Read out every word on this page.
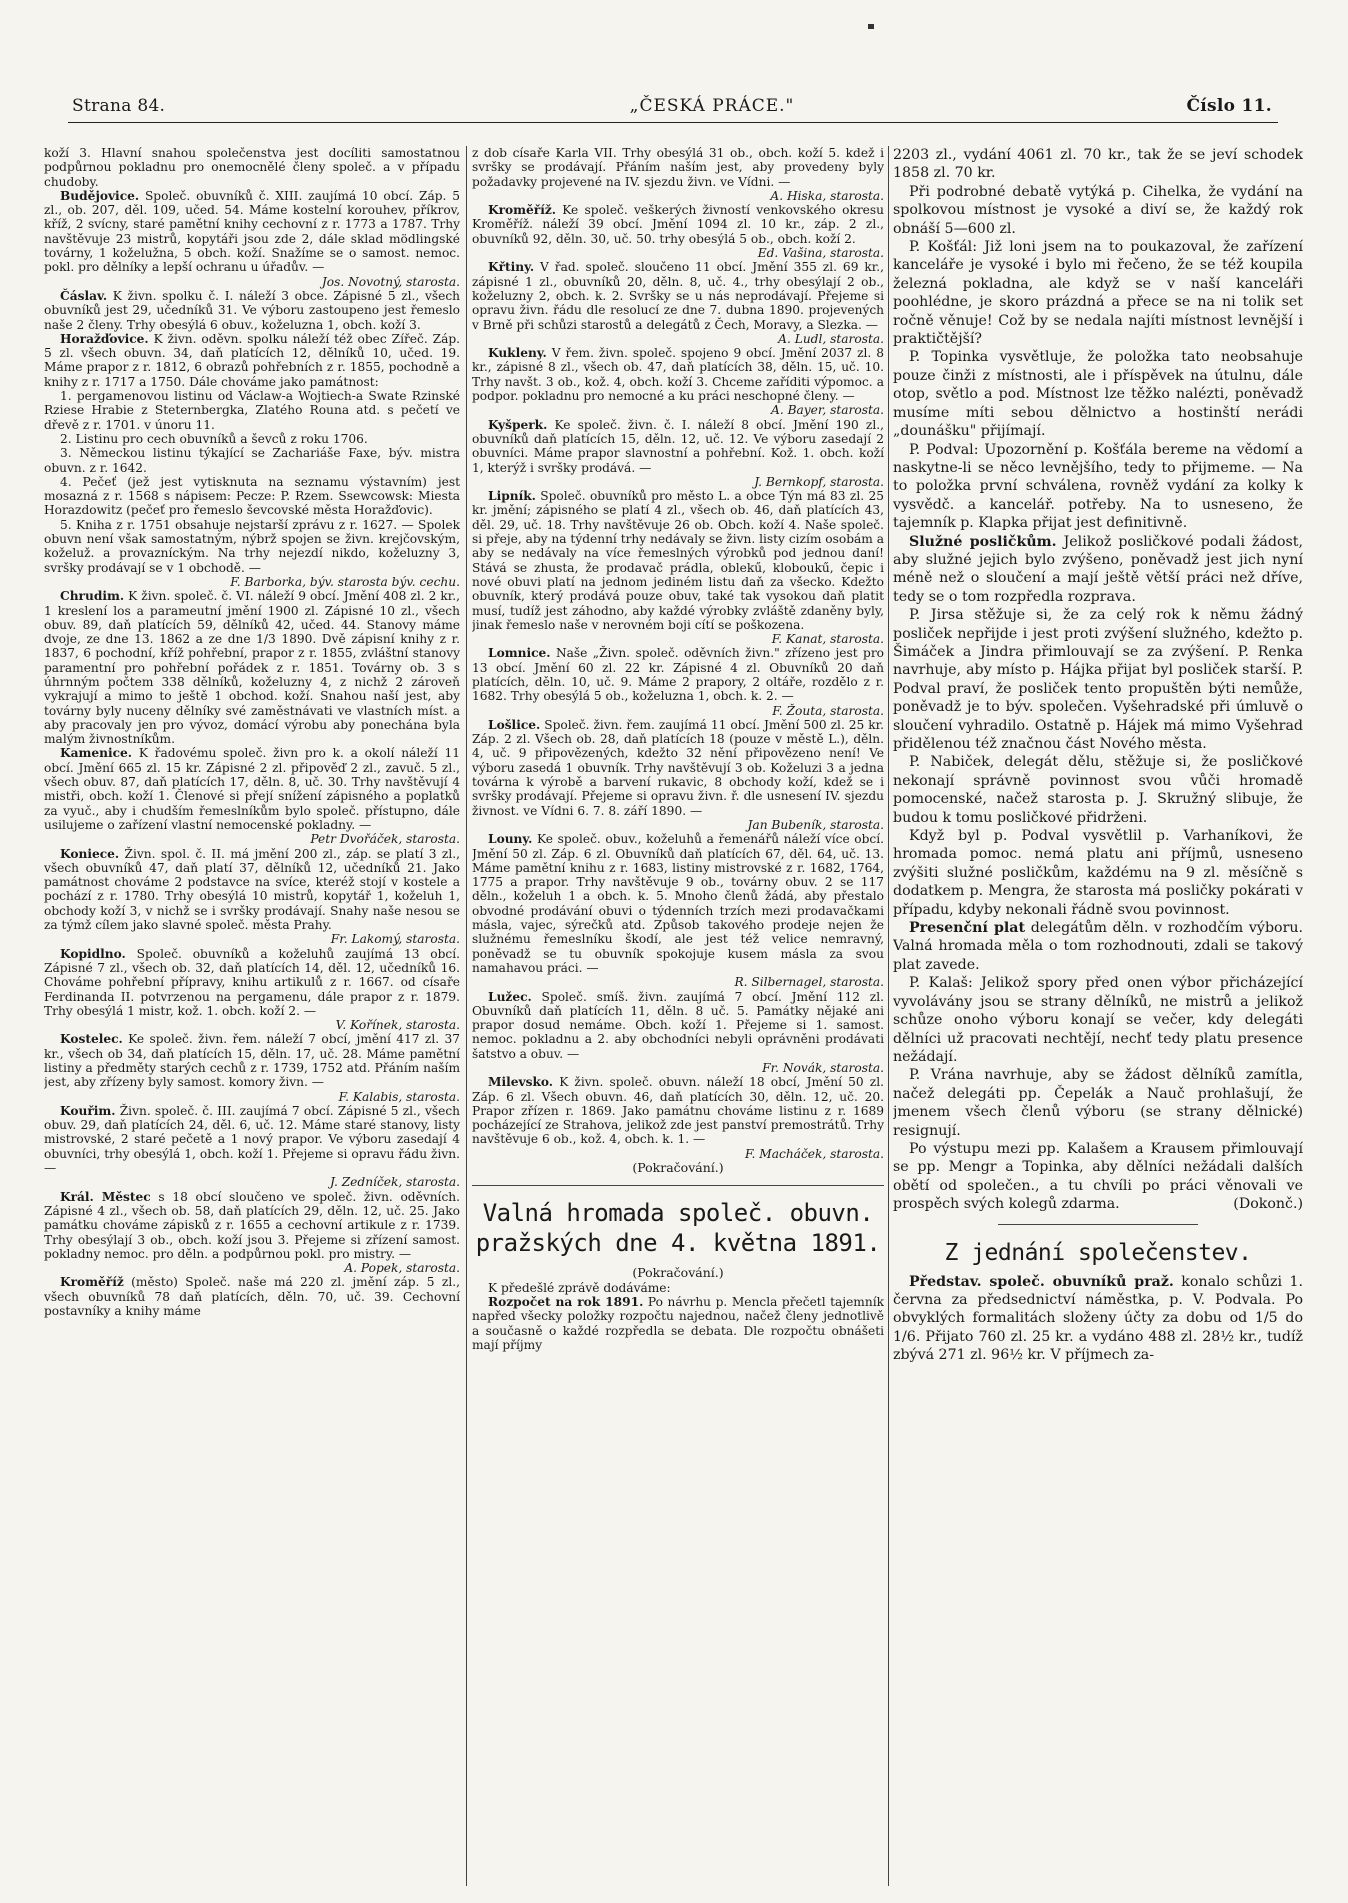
Strana 84.	„ČESKÁ PRÁCE."	Číslo 11.

koží 3. Hlavní snahou společenstva jest docíliti samostatnou podpůrnou pokladnu pro onemocnělé členy společ. a v případu chudoby.

Budějovice. Společ. obuvníků č. XIII. zaujímá 10 obcí. Záp. 5 zl., ob. 207, děl. 109, učed. 54. Máme kostelní korouhev, příkrov, kříž, 2 svícny, staré pamětní knihy cechovní z r. 1773 a 1787. Trhy navštěvuje 23 mistrů, kopytáři jsou zde 2, dále sklad mödlingské továrny, 1 koželužna, 5 obch. koží. Snažíme se o samost. nemoc. pokl. pro dělníky a lepší ochranu u úřadův. —

Jos. Novotný, starosta.

Čáslav. K živn. spolku č. I. náleží 3 obce. Zápisné 5 zl., všech obuvníků jest 29, učedníků 31. Ve výboru zastoupeno jest řemeslo naše 2 členy. Trhy obesýlá 6 obuv., koželuzna 1, obch. koží 3.

Horažďovice. K živn. oděvn. spolku náleží též obec Zířeč. Záp. 5 zl. všech obuvn. 34, daň platících 12, dělníků 10, učed. 19. Máme prapor z r. 1812, 6 obrazů pohřebních z r. 1855, pochodně a knihy z r. 1717 a 1750. Dále chováme jako památnost:

1. pergamenovou listinu od Václaw-a Wojtiech-a Swate Rzinské Rziese Hrabie z Steternbergka, Zlatého Rouna atd. s pečetí ve dřevě z r. 1701. v únoru 11.

2. Listinu pro cech obuvníků a ševců z roku 1706.

3. Německou listinu týkající se Zachariáše Faxe, býv. mistra obuvn. z r. 1642.

4. Pečeť (jež jest vytisknuta na seznamu výstavním) jest mosazná z r. 1568 s nápisem: Pecze: P. Rzem. Ssewcowsk: Miesta Horazdowitz (pečeť pro řemeslo ševcovské města Horažďovic).

5. Kniha z r. 1751 obsahuje nejstarší zprávu z r. 1627. — Spolek obuvn není však samostatným, nýbrž spojen se živn. krejčovským, koželuž. a provazníckým. Na trhy nejezdí nikdo, koželuzny 3, svršky prodávají se v 1 obchodě. —

F. Barborka, býv. starosta býv. cechu.

Chrudim. K živn. společ. č. VI. náleží 9 obcí. Jmění 408 zl. 2 kr., 1 kreslení los a parameutní jmění 1900 zl. Zápisné 10 zl., všech obuv. 89, daň platících 59, dělníků 42, učed. 44. Stanovy máme dvoje, ze dne 13. 1862 a ze dne 1/3 1890. Dvě zápisní knihy z r. 1837, 6 pochodní, kříž pohřební, prapor z r. 1855, zvláštní stanovy paramentní pro pohřební pořádek z r. 1851. Továrny ob. 3 s úhrnným počtem 338 dělníků, koželuzny 4, z nichž 2 zároveň vykrajují a mimo to ještě 1 obchod. koží. Snahou naší jest, aby továrny byly nuceny dělníky své zaměstnávati ve vlastních míst. a aby pracovaly jen pro vývoz, domácí výrobu aby ponechána byla malým živnostníkům.

Kamenice. K řadovému společ. živn pro k. a okolí náleží 11 obcí. Jmění 665 zl. 15 kr. Zápisné 2 zl. připověď 2 zl., zavuč. 5 zl., všech obuv. 87, daň platících 17, děln. 8, uč. 30. Trhy navštěvují 4 mistři, obch. koží 1. Členové si přejí snížení zápisného a poplatků za vyuč., aby i chudším řemeslníkům bylo společ. přístupno, dále usilujeme o zařízení vlastní nemocenské pokladny. —

Petr Dvořáček, starosta.

Koniece. Živn. spol. č. II. má jmění 200 zl., záp. se platí 3 zl., všech obuvníků 47, daň platí 37, dělníků 12, učedníků 21. Jako památnost chováme 2 podstavce na svíce, kteréž stojí v kostele a pochází z r. 1780. Trhy obesýlá 10 mistrů, kopytář 1, koželuh 1, obchody koží 3, v nichž se i svršky prodávají. Snahy naše nesou se za týmž cílem jako slavné společ. města Prahy.

Fr. Lakomý, starosta.

Kopidlno. Společ. obuvníků a koželuhů zaujímá 13 obcí. Zápisné 7 zl., všech ob. 32, daň platících 14, děl. 12, učedníků 16. Chováme pohřební přípravy, knihu artikulů z r. 1667. od císaře Ferdinanda II. potvrzenou na pergamenu, dále prapor z r. 1879. Trhy obesýlá 1 mistr, kož. 1. obch. koží 2. —

V. Kořínek, starosta.

Kostelec. Ke společ. živn. řem. náleží 7 obcí, jmění 417 zl. 37 kr., všech ob 34, daň platících 15, děln. 17, uč. 28. Máme pamětní listiny a předměty starých cechů z r. 1739, 1752 atd. Přáním naším jest, aby zřízeny byly samost. komory živn. —

F. Kalabis, starosta.

Kouřim. Živn. společ. č. III. zaujímá 7 obcí. Zápisné 5 zl., všech obuv. 29, daň platících 24, děl. 6, uč. 12. Máme staré stanovy, listy mistrovské, 2 staré pečetě a 1 nový prapor. Ve výboru zasedají 4 obuvníci, trhy obesýlá 1, obch. koží 1. Přejeme si opravu řádu živn. —

J. Zedníček, starosta.

Král. Městec s 18 obcí sloučeno ve společ. živn. oděvních. Zápisné 4 zl., všech ob. 58, daň platících 29, děln. 12, uč. 25. Jako památku chováme zápisků z r. 1655 a cechovní artikule z r. 1739. Trhy obesýlají 3 ob., obch. koží jsou 3. Přejeme si zřízení samost. pokladny nemoc. pro děln. a podpůrnou pokl. pro mistry. —

A. Popek, starosta.

Kroměříž (město) Společ. naše má 220 zl. jmění záp. 5 zl., všech obuvníků 78 daň platících, děln. 70, uč. 39. Cechovní postavníky a knihy máme

z dob císaře Karla VII. Trhy obesýlá 31 ob., obch. koží 5. kdež i svršky se prodávají. Přáním naším jest, aby provedeny byly požadavky projevené na IV. sjezdu živn. ve Vídni. —

A. Hiska, starosta.

Kroměříž. Ke společ. veškerých živností venkovského okresu Kroměříž. náleží 39 obcí. Jmění 1094 zl. 10 kr., záp. 2 zl., obuvníků 92, děln. 30, uč. 50. trhy obesýlá 5 ob., obch. koží 2.

Ed. Vašina, starosta.

Křtiny. V řad. společ. sloučeno 11 obcí. Jmění 355 zl. 69 kr., zápisné 1 zl., obuvníků 20, děln. 8, uč. 4., trhy obesýlají 2 ob., koželuzny 2, obch. k. 2. Svršky se u nás neprodávají. Přejeme si opravu živn. řádu dle resolucí ze dne 7. dubna 1890. projevených v Brně při schůzi starostů a delegátů z Čech, Moravy, a Slezka. —

A. Ludl, starosta.

Kukleny. V řem. živn. společ. spojeno 9 obcí. Jmění 2037 zl. 8 kr., zápisné 8 zl., všech ob. 47, daň platících 38, děln. 15, uč. 10. Trhy navšt. 3 ob., kož. 4, obch. koží 3. Chceme zaříditi výpomoc. a podpor. pokladnu pro nemocné a ku práci neschopné členy. —

A. Bayer, starosta.

Kyšperk. Ke společ. živn. č. I. náleží 8 obcí. Jmění 190 zl., obuvníků daň platících 15, děln. 12, uč. 12. Ve výboru zasedají 2 obuvníci. Máme prapor slavnostní a pohřební. Kož. 1. obch. koží 1, kterýž i svršky prodává. —

J. Bernkopf, starosta.

Lipník. Společ. obuvníků pro město L. a obce Týn má 83 zl. 25 kr. jmění; zápisného se platí 4 zl., všech ob. 46, daň platících 43, děl. 29, uč. 18. Trhy navštěvuje 26 ob. Obch. koží 4. Naše společ. si přeje, aby na týdenní trhy nedávaly se živn. listy cizím osobám a aby se nedávaly na více řemeslných výrobků pod jednou daní! Stává se zhusta, že prodavač prádla, oblekű, kloboukű, čepic i nové obuvi platí na jednom jediném listu daň za všecko. Kdežto obuvník, který prodává pouze obuv, také tak vysokou daň platit musí, tudíž jest záhodno, aby každé výrobky zvláště zdaněny byly, jinak řemeslo naše v nerovném boji cítí se poškozena.

F. Kanat, starosta.

Lomnice. Naše „Živn. společ. oděvních živn." zřízeno jest pro 13 obcí. Jmění 60 zl. 22 kr. Zápisné 4 zl. Obuvníků 20 daň platících, děln. 10, uč. 9. Máme 2 prapory, 2 oltáře, rozdělo z r. 1682. Trhy obesýlá 5 ob., koželuzna 1, obch. k. 2. —

F. Žouta, starosta.

Lošlice. Společ. živn. řem. zaujímá 11 obcí. Jmění 500 zl. 25 kr. Záp. 2 zl. Všech ob. 28, daň platících 18 (pouze v městě L.), děln. 4, uč. 9 připovězených, kdežto 32 nění připovězeno není! Ve výboru zasedá 1 obuvník. Trhy navštěvují 3 ob. Koželuzi 3 a jedna továrna k výrobě a barvení rukavic, 8 obchody koží, kdež se i svršky prodávají. Přejeme si opravu živn. ř. dle usnesení IV. sjezdu živnost. ve Vídni 6. 7. 8. září 1890. —

Jan Bubeník, starosta.

Louny. Ke společ. obuv., koželuhů a řemenářů náleží více obcí. Jmění 50 zl. Záp. 6 zl. Obuvníků daň platících 67, děl. 64, uč. 13. Máme pamětní knihu z r. 1683, listiny mistrovské z r. 1682, 1764, 1775 a prapor. Trhy navštěvuje 9 ob., továrny obuv. 2 se 117 děln., koželuh 1 a obch. k. 5. Mnoho členů žádá, aby přestalo obvodné prodávání obuvi o týdenních trzích mezi prodavačkami másla, vajec, sýrečků atd. Způsob takového prodeje nejen že služnému řemeslníku škodí, ale jest též velice nemravný, poněvadž se tu obuvník spokojuje kusem másla za svou namahavou práci. —

R. Silbernagel, starosta.

Lužec. Společ. smíš. živn. zaujímá 7 obcí. Jmění 112 zl. Obuvníků daň platících 11, děln. 8 uč. 5. Památky nějaké ani prapor dosud nemáme. Obch. koží 1. Přejeme si 1. samost. nemoc. pokladnu a 2. aby obchodníci nebyli oprávněni prodávati šatstvo a obuv. —

Fr. Novák, starosta.

Milevsko. K živn. společ. obuvn. náleží 18 obcí, Jmění 50 zl. Záp. 6 zl. Všech obuvn. 46, daň platících 30, děln. 12, uč. 20. Prapor zřízen r. 1869. Jako památnu chováme listinu z r. 1689 pocházející ze Strahova, jelikož zde jest panství premostrátů. Trhy navštěvuje 6 ob., kož. 4, obch. k. 1. —

F. Macháček, starosta.

(Pokračování.)

Valná hromada společ. obuvn. pražských dne 4. května 1891.

(Pokračování.)

K předešlé zprávě dodáváme:

Rozpočet na rok 1891. Po návrhu p. Mencla přečetl tajemník napřed všecky položky rozpočtu najednou, načež členy jednotlivě a současně o každé rozpředla se debata. Dle rozpočtu obnášeti mají příjmy

2203 zl., vydání 4061 zl. 70 kr., tak že se jeví schodek 1858 zl. 70 kr.

Při podrobné debatě vytýká p. Cihelka, že vydání na spolkovou místnost je vysoké a diví se, že každý rok obnáší 5—600 zl.

P. Košťál: Již loni jsem na to poukazoval, že zařízení kanceláře je vysoké i bylo mi řečeno, že se též koupila železná pokladna, ale když se v naší kanceláři poohlédne, je skoro prázdná a přece se na ni tolik set ročně věnuje! Což by se nedala najíti místnost levnější i praktičtější?

P. Topinka vysvětluje, že položka tato neobsahuje pouze činži z místnosti, ale i příspěvek na útulnu, dále otop, světlo a pod. Místnost lze těžko nalézti, poněvadž musíme míti sebou dělnictvo a hostinští nerádi „dounášku" přijímají.

P. Podval: Upozornění p. Košťála bereme na vědomí a naskytne-li se něco levnějšího, tedy to přijmeme. — Na to položka první schválena, rovněž vydání za kolky k vysvědč. a kancelář. potřeby. Na to usneseno, že tajemník p. Klapka přijat jest definitivně.

Služné posličkům. Jelikož posličkové podali žádost, aby služné jejich bylo zvýšeno, poněvadž jest jich nyní méně než o sloučení a mají ještě větší práci než dříve, tedy se o tom rozpředla rozprava.

P. Jirsa stěžuje si, že za celý rok k němu žádný posliček nepřijde i jest proti zvýšení služného, kdežto p. Šimáček a Jindra přimlouvají se za zvýšení. P. Renka navrhuje, aby místo p. Hájka přijat byl posliček starší. P. Podval praví, že posliček tento propuštěn býti nemůže, poněvadž je to býv. společen. Vyšehradské při úmluvě o sloučení vyhradilo. Ostatně p. Hájek má mimo Vyšehrad přidělenou též značnou část Nového města.

P. Nabiček, delegát dělu, stěžuje si, že posličkové nekonají správně povinnost svou vůči hromadě pomocenské, načež starosta p. J. Skružný slibuje, že budou k tomu posličkové přidrženi.

Když byl p. Podval vysvětlil p. Varhaníkovi, že hromada pomoc. nemá platu ani příjmů, usneseno zvýšiti služné posličkům, každému na 9 zl. měsíčně s dodatkem p. Mengra, že starosta má posličky pokárati v případu, kdyby nekonali řádně svou povinnost.

Presenční plat delegátům děln. v rozhodčím výboru. Valná hromada měla o tom rozhodnouti, zdali se takový plat zavede.

P. Kalaš: Jelikož spory před onen výbor přicházející vyvolávány jsou se strany dělníků, ne mistrů a jelikož schůze onoho výboru konají se večer, kdy delegáti dělníci už pracovati nechtějí, nechť tedy platu presence nežádají.

P. Vrána navrhuje, aby se žádost dělníků zamítla, načež delegáti pp. Čepelák a Nauč prohlašují, že jmenem všech členů výboru (se strany dělnické) resignují.

Po výstupu mezi pp. Kalašem a Krausem přimlouvají se pp. Mengr a Topinka, aby dělníci nežádali dalších obětí od společen., a tu chvíli po práci věnovali ve prospěch svých kolegů zdarma.	(Dokonč.)

Z jednání společenstev.

Představ. společ. obuvníků praž. konalo schůzi 1. června za předsednictví náměstka, p. V. Podvala. Po obvyklých formalitách složeny účty za dobu od 1/5 do 1/6. Přijato 760 zl. 25 kr. a vydáno 488 zl. 28½ kr., tudíž zbývá 271 zl. 96½ kr. V příjmech za-
